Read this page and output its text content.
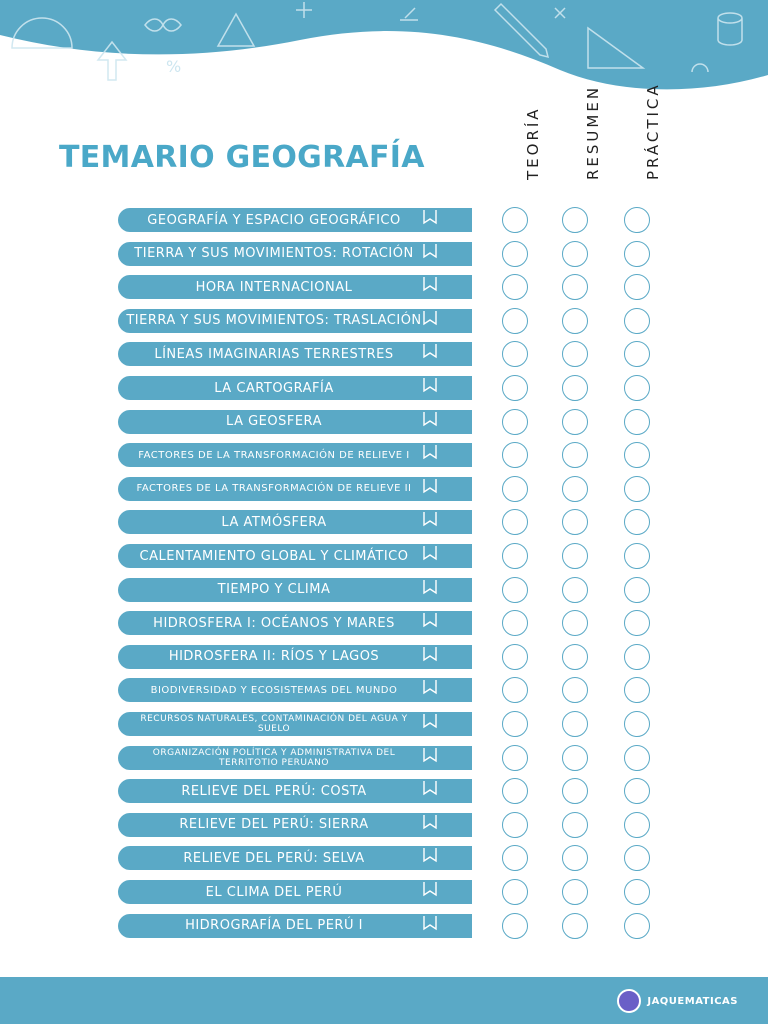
%
TEMARIO GEOGRAFÍA	TEORÍA	RESUMEN	PRÁCTICA
GEOGRAFÍA Y ESPACIO GEOGRÁFICO
TIERRA Y SUS MOVIMIENTOS: ROTACIÓN
HORA INTERNACIONAL
TIERRA Y SUS MOVIMIENTOS: TRASLACIÓN
LÍNEAS IMAGINARIAS TERRESTRES
LA CARTOGRAFÍA
LA GEOSFERA
FACTORES DE LA TRANSFORMACIÓN DE RELIEVE I
FACTORES DE LA TRANSFORMACIÓN DE RELIEVE II
LA ATMÓSFERA
CALENTAMIENTO GLOBAL Y CLIMÁTICO
TIEMPO Y CLIMA
HIDROSFERA I: OCÉANOS Y MARES
HIDROSFERA II: RÍOS Y LAGOS
BIODIVERSIDAD Y ECOSISTEMAS DEL MUNDO
RECURSOS NATURALES, CONTAMINACIÓN DEL AGUA Y SUELO
ORGANIZACIÓN POLÍTICA Y ADMINISTRATIVA DEL TERRITOTIO PERUANO
RELIEVE DEL PERÚ: COSTA
RELIEVE DEL PERÚ: SIERRA
RELIEVE DEL PERÚ: SELVA
EL CLIMA DEL PERÚ
HIDROGRAFÍA DEL PERÚ I
JAQUEMATICAS
